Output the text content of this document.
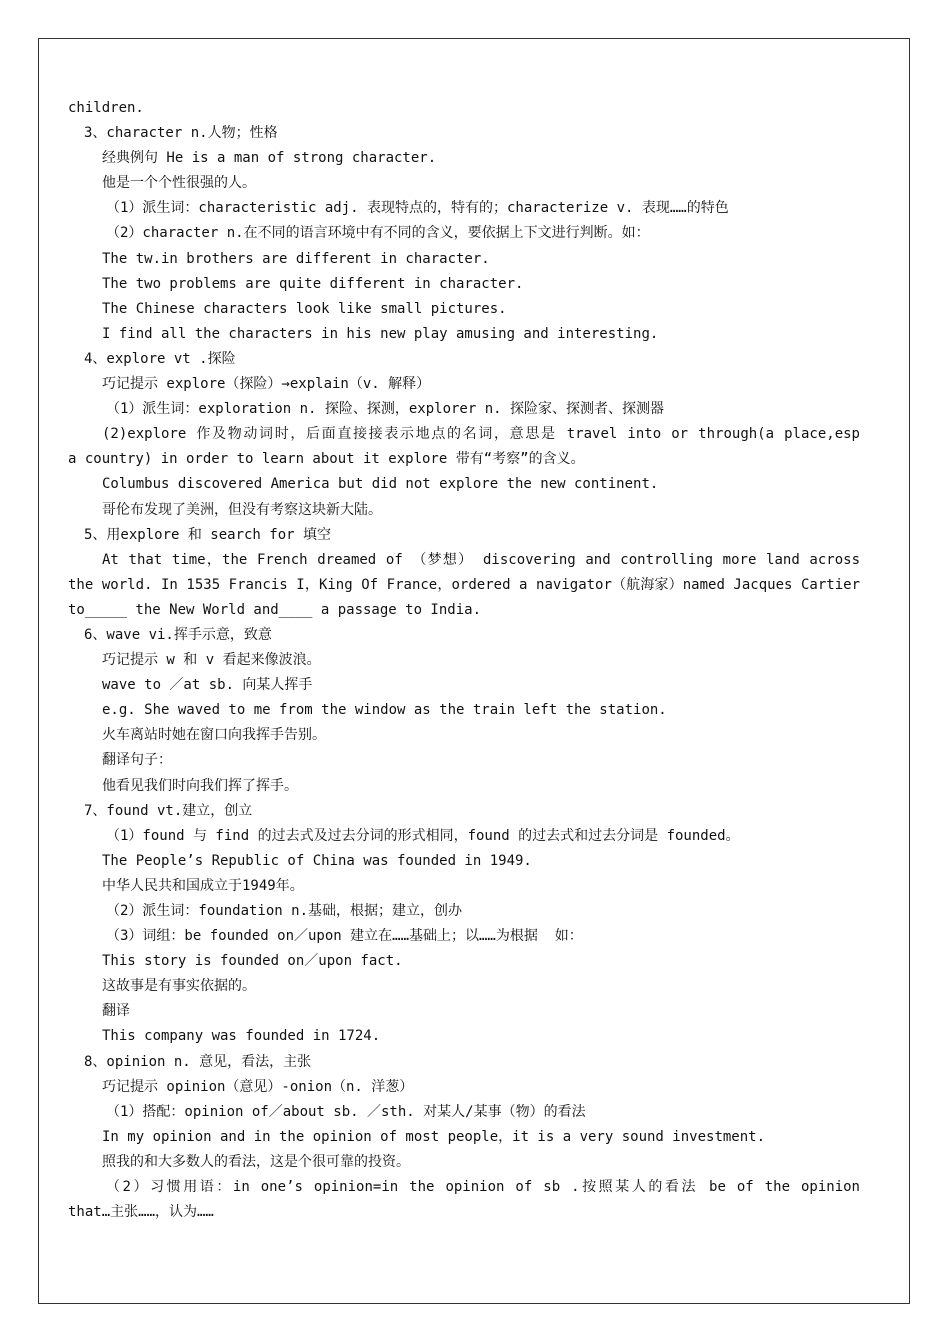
children.
3、character n.人物；性格
经典例句 He is a man of strong character.
他是一个个性很强的人。
（1）派生词：characteristic adj. 表现特点的，特有的；characterize v. 表现……的特色
（2）character n.在不同的语言环境中有不同的含义，要依据上下文进行判断。如：
The tw.in brothers are different in character.
The two problems are quite different in character.
The Chinese characters look like small pictures.
I find all the characters in his new play amusing and interesting.
4、explore vt .探险
巧记提示 explore（探险）→explain（v. 解释）
（1）派生词：exploration n. 探险、探测，explorer n. 探险家、探测者、探测器
(2)explore 作及物动词时，后面直接接表示地点的名词，意思是 travel into or through(a place,esp
a country) in order to learn about it explore 带有“考察”的含义。
Columbus discovered America but did not explore the new continent.
哥伦布发现了美洲，但没有考察这块新大陆。
5、用explore 和 search for 填空
At that time，the French dreamed of （梦想） discovering and controlling more land across
the world. In 1535 Francis I，King Of France，ordered a navigator（航海家）named Jacques Cartier
to_____ the New World and____ a passage to India.
6、wave vi.挥手示意，致意
巧记提示 w 和 v 看起来像波浪。
wave to ／at sb. 向某人挥手
e.g. She waved to me from the window as the train left the station.
火车离站时她在窗口向我挥手告别。
翻译句子：
他看见我们时向我们挥了挥手。
7、found vt.建立，创立
（1）found 与 find 的过去式及过去分词的形式相同，found 的过去式和过去分词是 founded。
The People’s Republic of China was founded in 1949.
中华人民共和国成立于1949年。
（2）派生词：foundation n.基础，根据；建立，创办
（3）词组：be founded on／upon 建立在……基础上；以……为根据  如：
This story is founded on／upon fact.
这故事是有事实依据的。
翻译
This company was founded in 1724.
8、opinion n. 意见，看法，主张
巧记提示 opinion（意见）-onion（n. 洋葱）
（1）搭配：opinion of／about sb. ／sth. 对某人/某事（物）的看法
In my opinion and in the opinion of most people，it is a very sound investment.
照我的和大多数人的看法，这是个很可靠的投资。
（2）习惯用语：in one’s opinion=in the opinion of sb .按照某人的看法 be of the opinion
that…主张……，认为……
